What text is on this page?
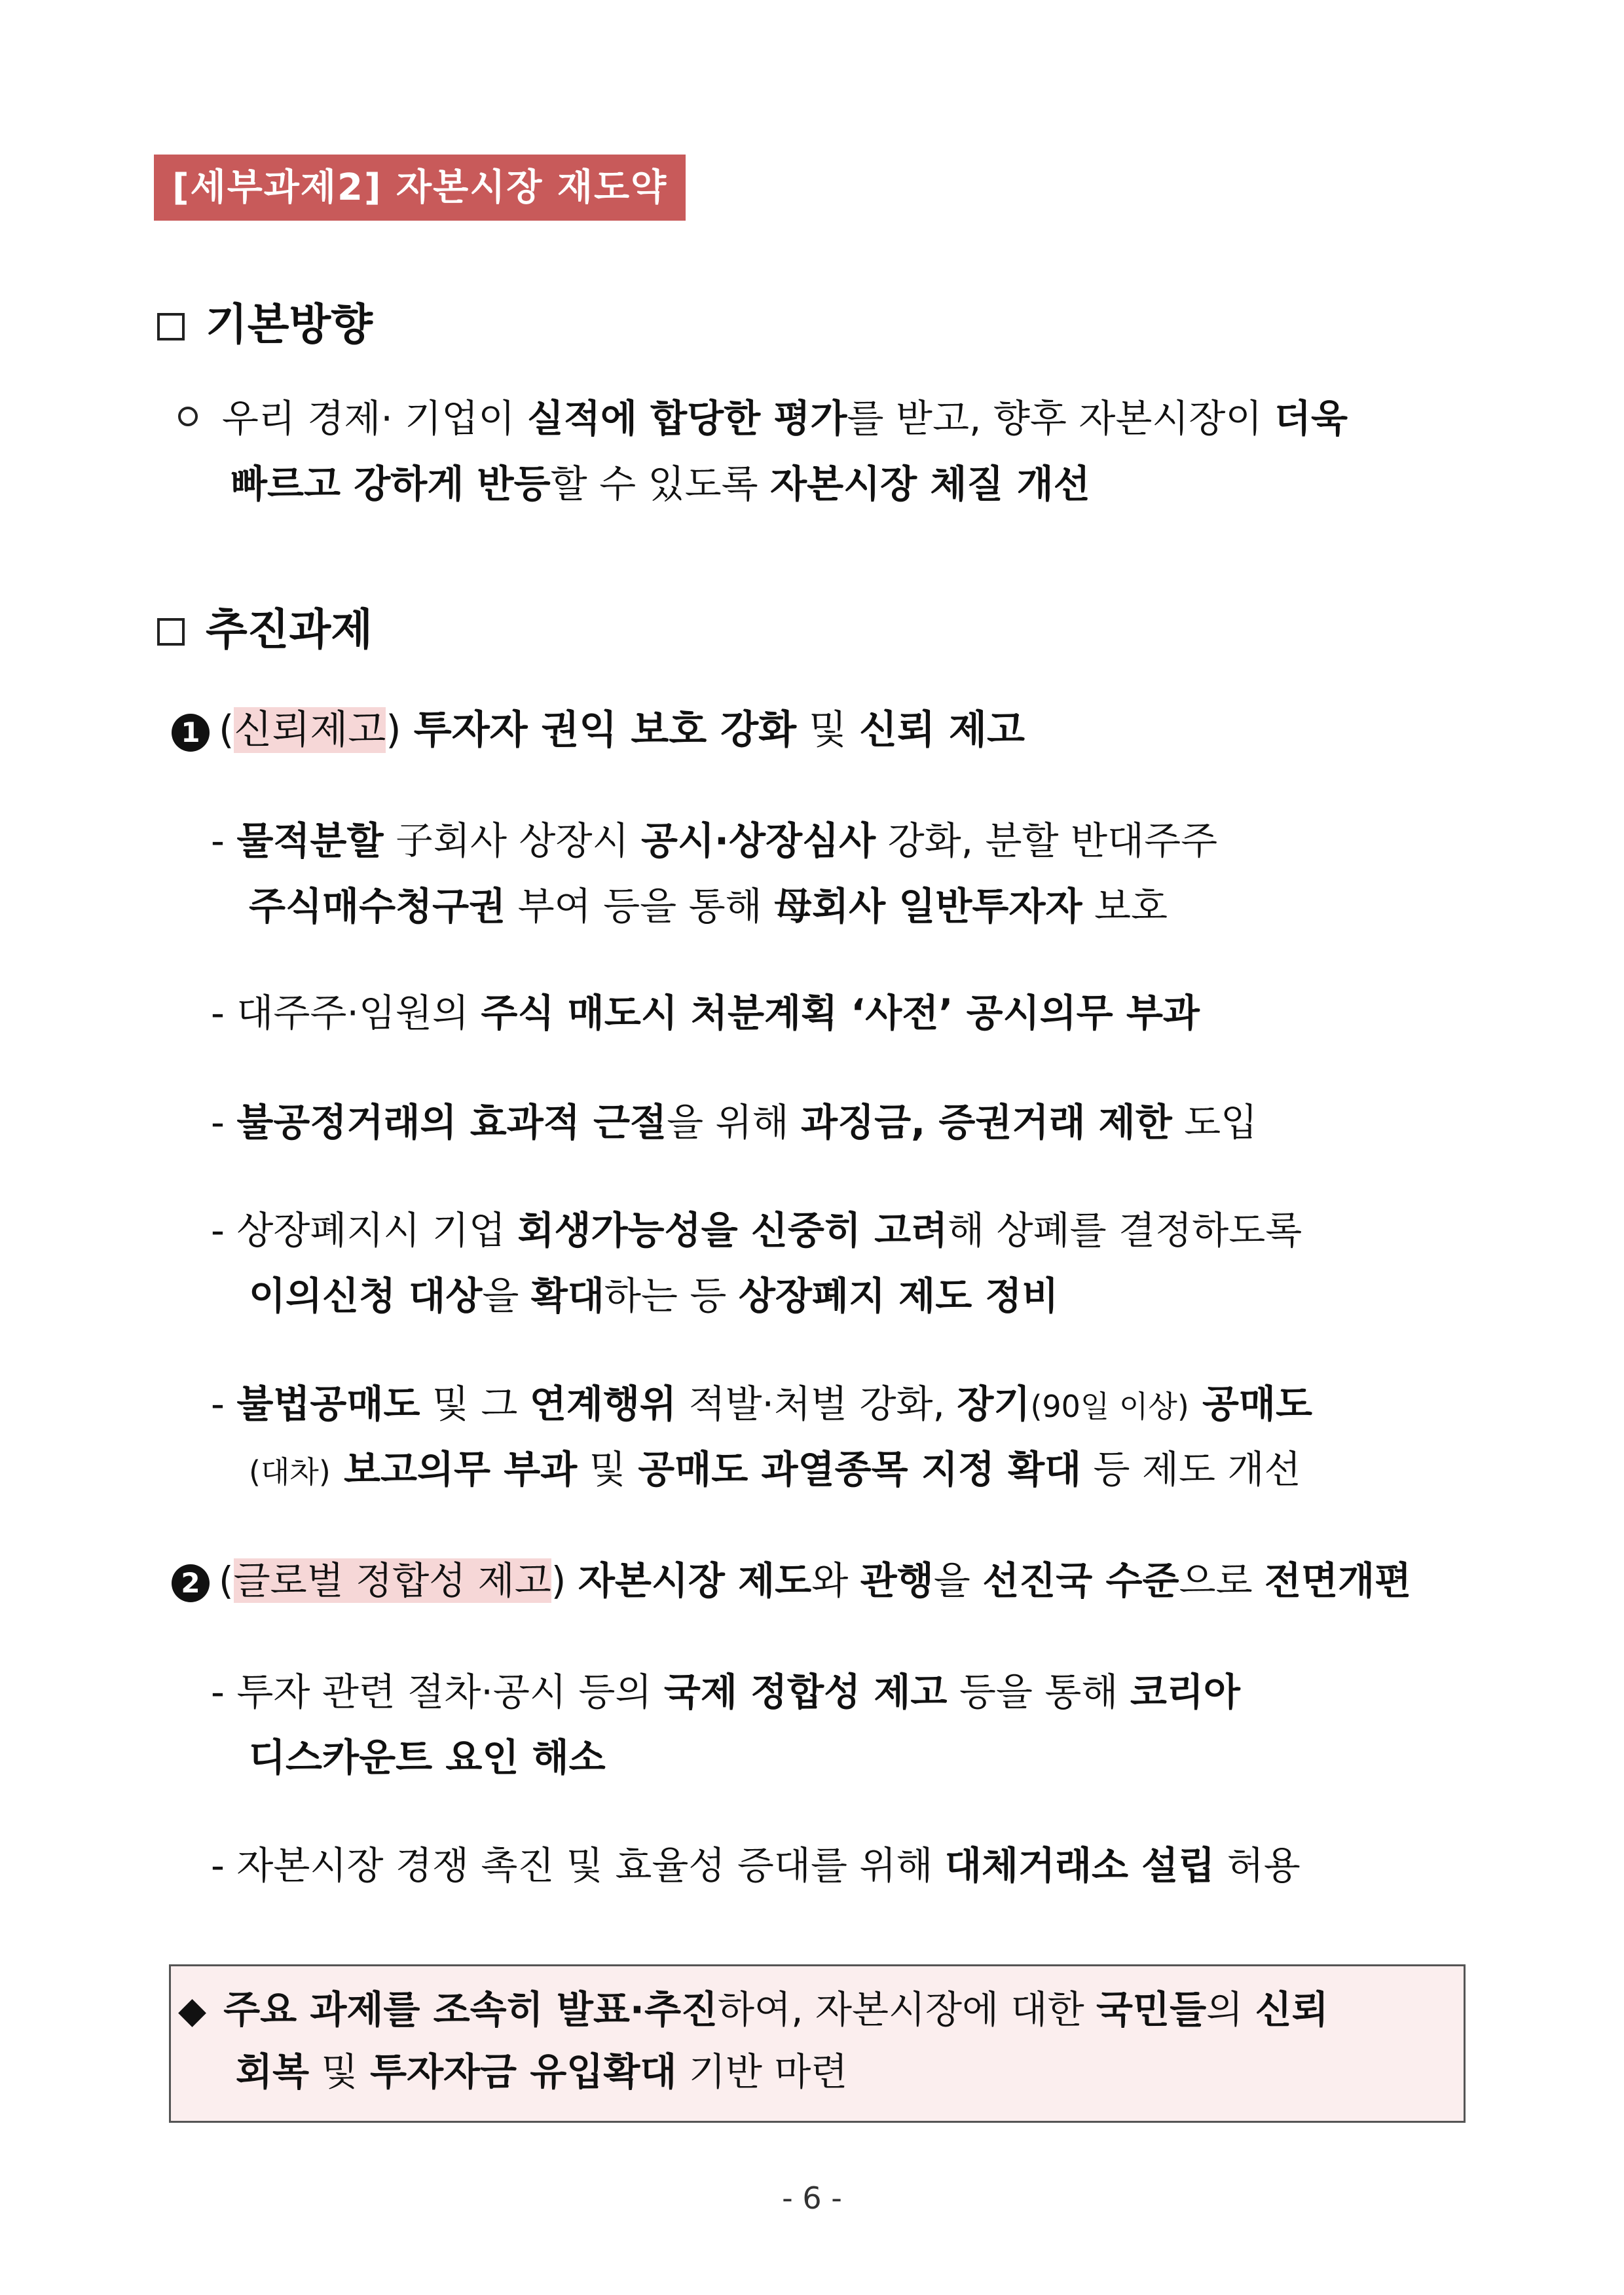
[세부과제2] 자본시장 재도약
기본방향
우리 경제· 기업이 실적에 합당한 평가를 받고, 향후 자본시장이 더욱
빠르고 강하게 반등할 수 있도록 자본시장 체질 개선
추진과제
1 (신뢰제고) 투자자 권익 보호 강화 및 신뢰 제고
- 물적분할 子회사 상장시 공시·상장심사 강화, 분할 반대주주
주식매수청구권 부여 등을 통해 母회사 일반투자자 보호
- 대주주·임원의 주식 매도시 처분계획 ‘사전’ 공시의무 부과
- 불공정거래의 효과적 근절을 위해 과징금, 증권거래 제한 도입
- 상장폐지시 기업 회생가능성을 신중히 고려해 상폐를 결정하도록
이의신청 대상을 확대하는 등 상장폐지 제도 정비
- 불법공매도 및 그 연계행위 적발·처벌 강화, 장기(90일 이상) 공매도
(대차) 보고의무 부과 및 공매도 과열종목 지정 확대 등 제도 개선
2 (글로벌 정합성 제고) 자본시장 제도와 관행을 선진국 수준으로 전면개편
- 투자 관련 절차·공시 등의 국제 정합성 제고 등을 통해 코리아
디스카운트 요인 해소
- 자본시장 경쟁 촉진 및 효율성 증대를 위해 대체거래소 설립 허용
◆ 주요 과제를 조속히 발표·추진하여, 자본시장에 대한 국민들의 신뢰
회복 및 투자자금 유입확대 기반 마련
- 6 -
